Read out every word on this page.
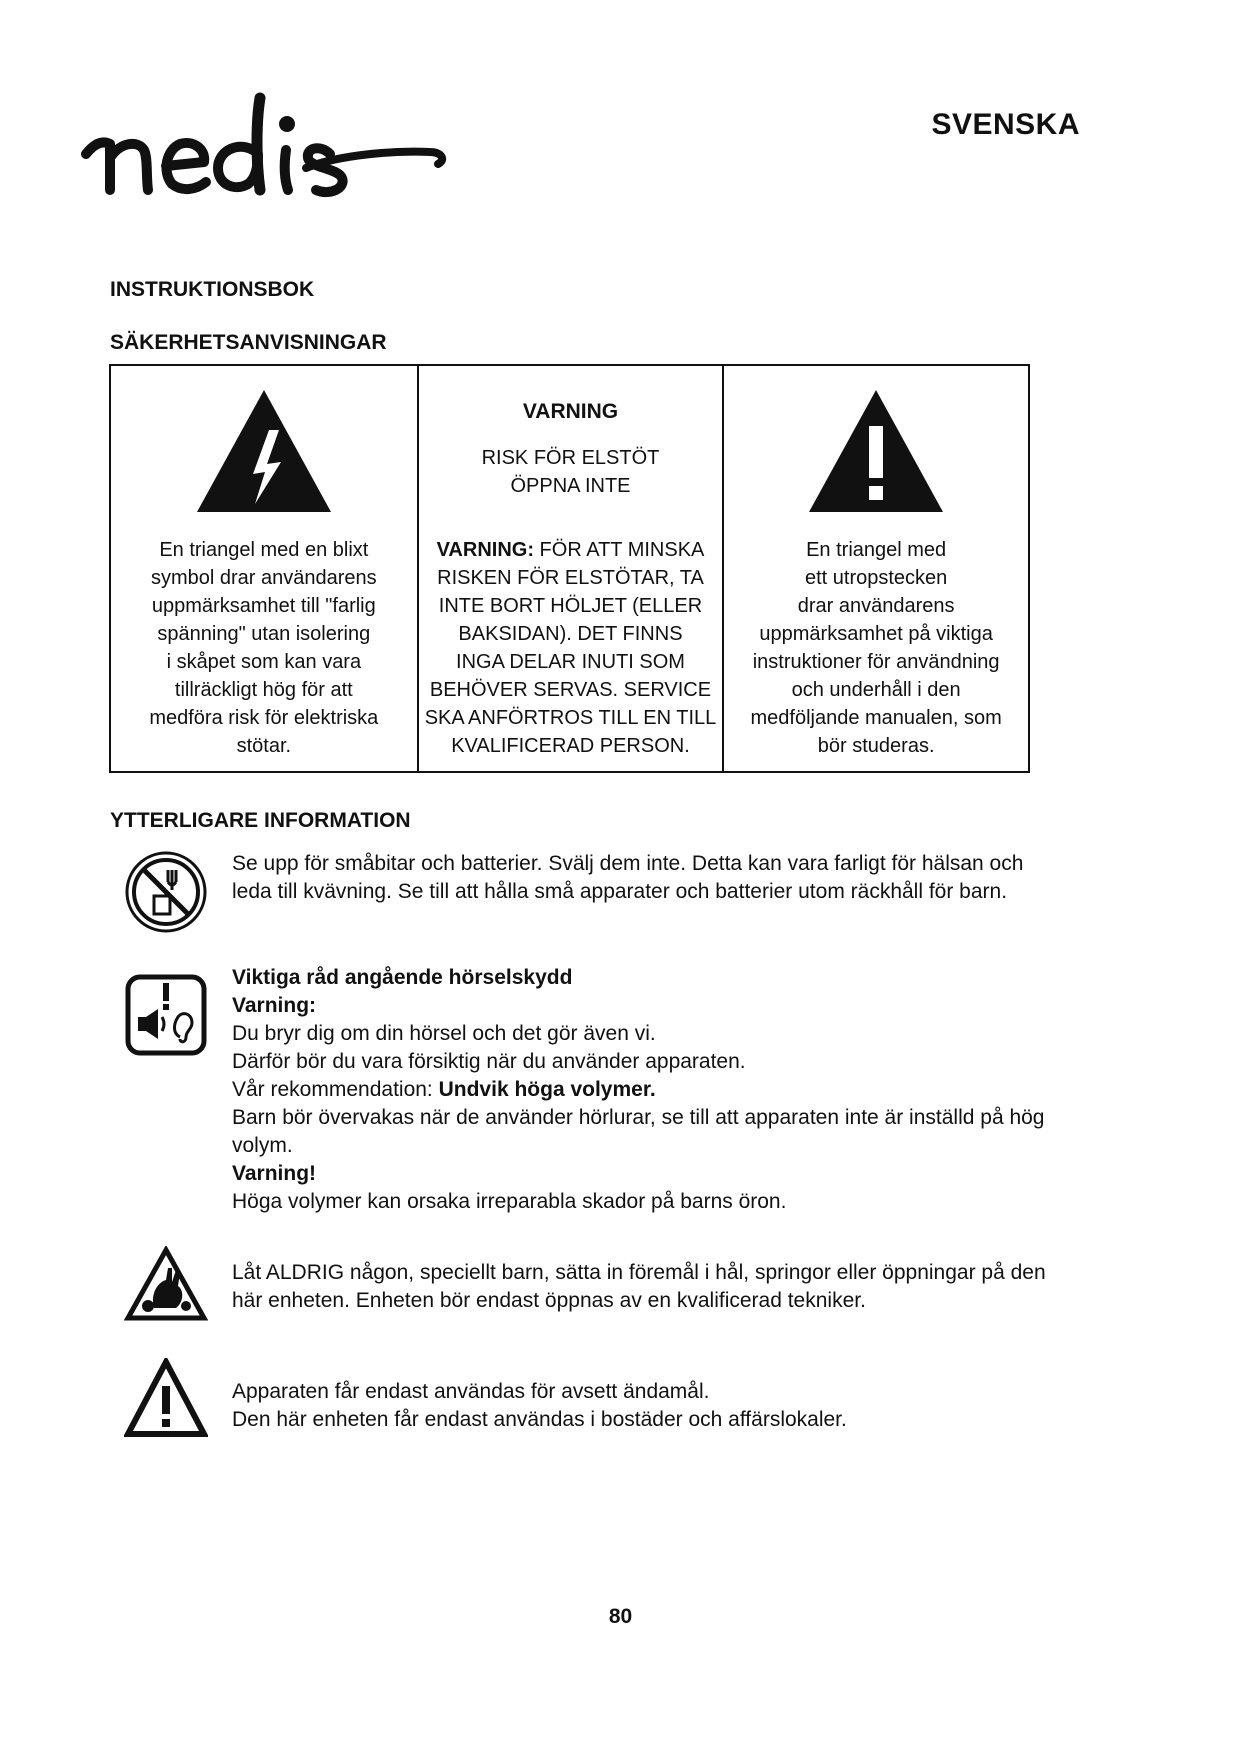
SVENSKA
INSTRUKTIONSBOK
SÄKERHETSANVISNINGAR
En triangel med en blixt
symbol drar användarens
uppmärksamhet till "farlig
spänning" utan isolering
i skåpet som kan vara
tillräckligt hög för att
medföra risk för elektriska
stötar.
VARNING
RISK FÖR ELSTÖT
ÖPPNA INTE
VARNING: FÖR ATT MINSKA
RISKEN FÖR ELSTÖTAR, TA
INTE BORT HÖLJET (ELLER
BAKSIDAN). DET FINNS
INGA DELAR INUTI SOM
BEHÖVER SERVAS. SERVICE
SKA ANFÖRTROS TILL EN TILL
KVALIFICERAD PERSON.
En triangel med
ett utropstecken
drar användarens
uppmärksamhet på viktiga
instruktioner för användning
och underhåll i den
medföljande manualen, som
bör studeras.
YTTERLIGARE INFORMATION

Se upp för småbitar och batterier. Svälj dem inte. Detta kan vara farligt för hälsan och leda till kvävning. Se till att hålla små apparater och batterier utom räckhåll för barn.

Viktiga råd angående hörselskydd

Varning:

Du bryr dig om din hörsel och det gör även vi.

Därför bör du vara försiktig när du använder apparaten.

Vår rekommendation: Undvik höga volymer.

Barn bör övervakas när de använder hörlurar, se till att apparaten inte är inställd på hög volym.

Varning!

Höga volymer kan orsaka irreparabla skador på barns öron.

Låt ALDRIG någon, speciellt barn, sätta in föremål i hål, springor eller öppningar på den här enheten. Enheten bör endast öppnas av en kvalificerad tekniker.

Apparaten får endast användas för avsett ändamål.

Den här enheten får endast användas i bostäder och affärslokaler.

80
